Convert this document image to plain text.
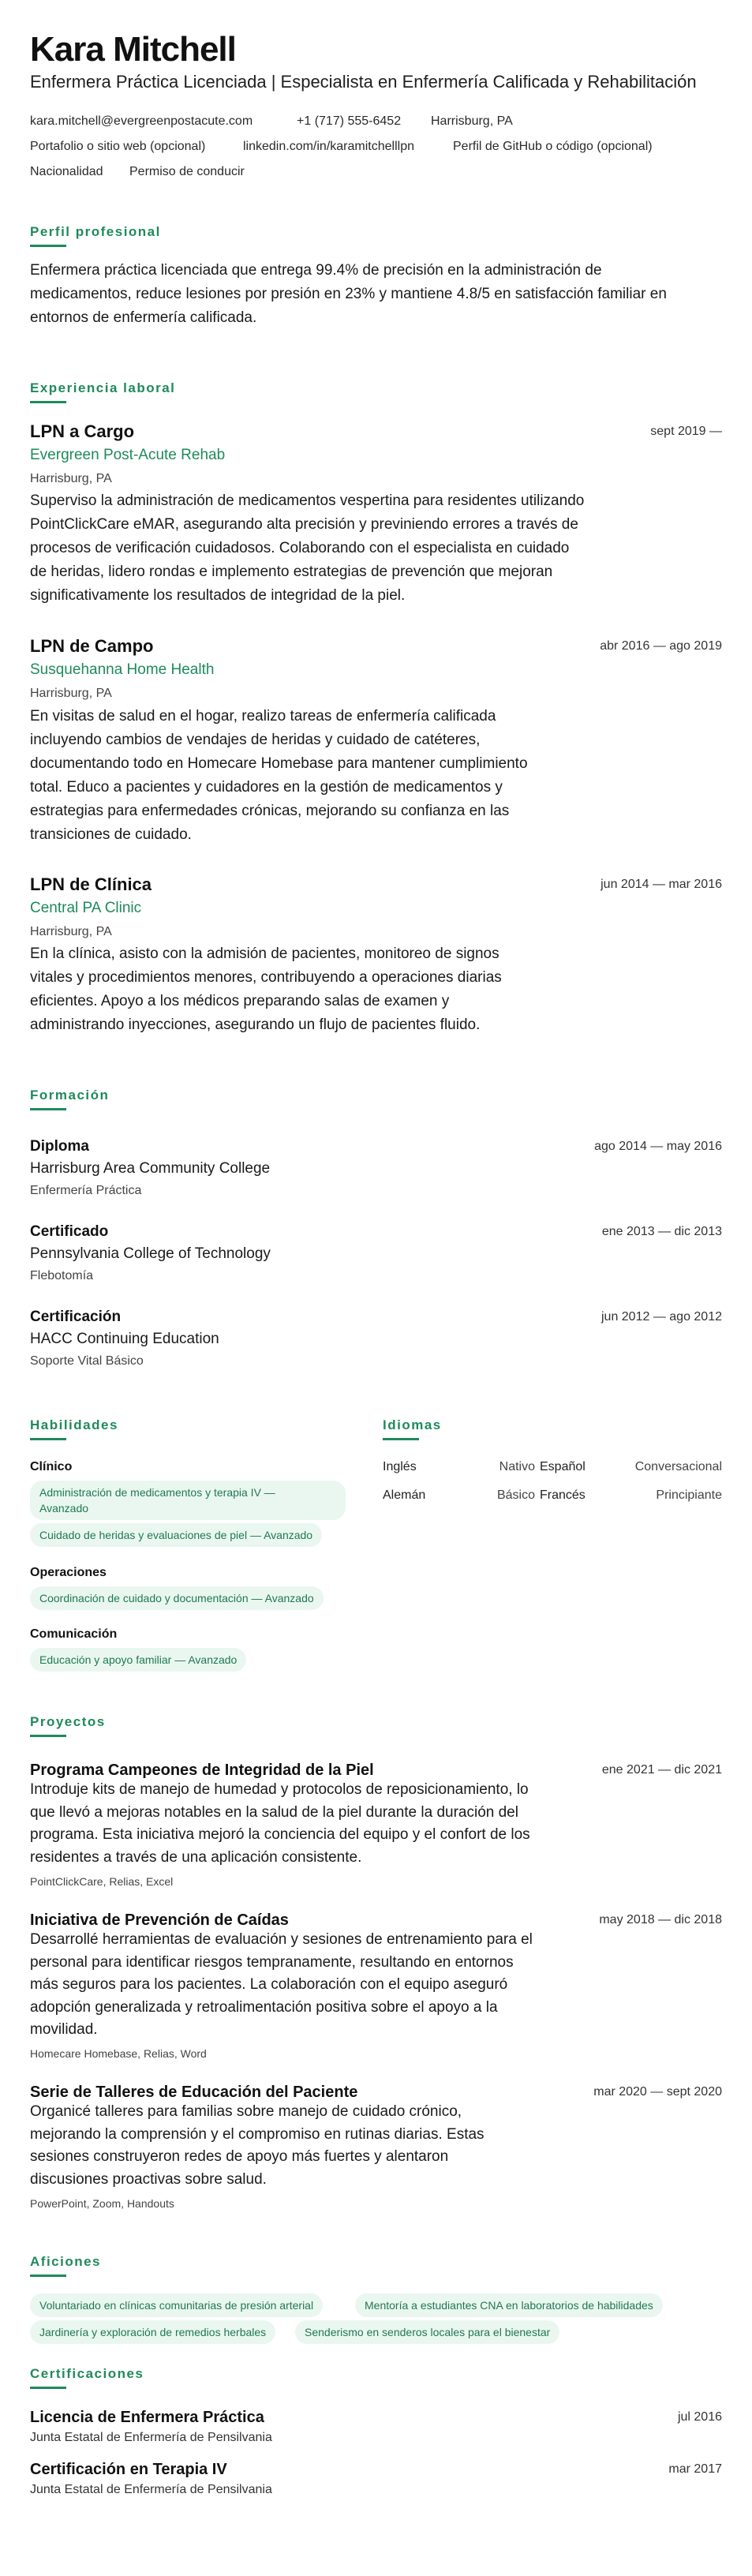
Kara Mitchell
Enfermera Práctica Licenciada | Especialista en Enfermería Calificada y Rehabilitación
kara.mitchell@evergreenpostacute.com	+1 (717) 555-6452 Harrisburg, PA
Portafolio o sitio web (opcional)	linkedin.com/in/karamitchelllpn	Perfil de GitHub o código (opcional)
Nacionalidad Permiso de conducir
Perfil profesional
Enfermera práctica licenciada que entrega 99.4% de precisión en la administración de
medicamentos, reduce lesiones por presión en 23% y mantiene 4.8/5 en satisfacción familiar en
entornos de enfermería calificada.
Experiencia laboral
LPN a Cargo	sept 2019 —
Evergreen Post-Acute Rehab
Harrisburg, PA
Superviso la administración de medicamentos vespertina para residentes utilizando
PointClickCare eMAR, asegurando alta precisión y previniendo errores a través de
procesos de verificación cuidadosos. Colaborando con el especialista en cuidado
de heridas, lidero rondas e implemento estrategias de prevención que mejoran
significativamente los resultados de integridad de la piel.
LPN de Campo	abr 2016 — ago 2019
Susquehanna Home Health
Harrisburg, PA
En visitas de salud en el hogar, realizo tareas de enfermería calificada
incluyendo cambios de vendajes de heridas y cuidado de catéteres,
documentando todo en Homecare Homebase para mantener cumplimiento
total. Educo a pacientes y cuidadores en la gestión de medicamentos y
estrategias para enfermedades crónicas, mejorando su confianza en las
transiciones de cuidado.
LPN de Clínica	jun 2014 — mar 2016
Central PA Clinic
Harrisburg, PA
En la clínica, asisto con la admisión de pacientes, monitoreo de signos
vitales y procedimientos menores, contribuyendo a operaciones diarias
eficientes. Apoyo a los médicos preparando salas de examen y
administrando inyecciones, asegurando un flujo de pacientes fluido.
Formación
Diploma	ago 2014 — may 2016
Harrisburg Area Community College
Enfermería Práctica
Certificado	ene 2013 — dic 2013
Pennsylvania College of Technology
Flebotomía
Certificación	jun 2012 — ago 2012
HACC Continuing Education
Soporte Vital Básico
Habilidades
Clínico
Administración de medicamentos y terapia IV —
Avanzado
Cuidado de heridas y evaluaciones de piel — Avanzado
Operaciones
Coordinación de cuidado y documentación — Avanzado
Comunicación
Educación y apoyo familiar — Avanzado
Idiomas
Inglés	Nativo Español	Conversacional
Alemán	Básico Francés	Principiante
Proyectos
Programa Campeones de Integridad de la Piel	ene 2021 — dic 2021
Introduje kits de manejo de humedad y protocolos de reposicionamiento, lo
que llevó a mejoras notables en la salud de la piel durante la duración del
programa. Esta iniciativa mejoró la conciencia del equipo y el confort de los
residentes a través de una aplicación consistente.
PointClickCare, Relias, Excel
Iniciativa de Prevención de Caídas	may 2018 — dic 2018
Desarrollé herramientas de evaluación y sesiones de entrenamiento para el
personal para identificar riesgos tempranamente, resultando en entornos
más seguros para los pacientes. La colaboración con el equipo aseguró
adopción generalizada y retroalimentación positiva sobre el apoyo a la
movilidad.
Homecare Homebase, Relias, Word
Serie de Talleres de Educación del Paciente	mar 2020 — sept 2020
Organicé talleres para familias sobre manejo de cuidado crónico,
mejorando la comprensión y el compromiso en rutinas diarias. Estas
sesiones construyeron redes de apoyo más fuertes y alentaron
discusiones proactivas sobre salud.
PowerPoint, Zoom, Handouts
Aficiones
Voluntariado en clínicas comunitarias de presión arterial	Mentoría a estudiantes CNA en laboratorios de habilidades
Jardinería y exploración de remedios herbales	Senderismo en senderos locales para el bienestar
Certificaciones
Licencia de Enfermera Práctica	jul 2016
Junta Estatal de Enfermería de Pensilvania
Certificación en Terapia IV	mar 2017
Junta Estatal de Enfermería de Pensilvania
